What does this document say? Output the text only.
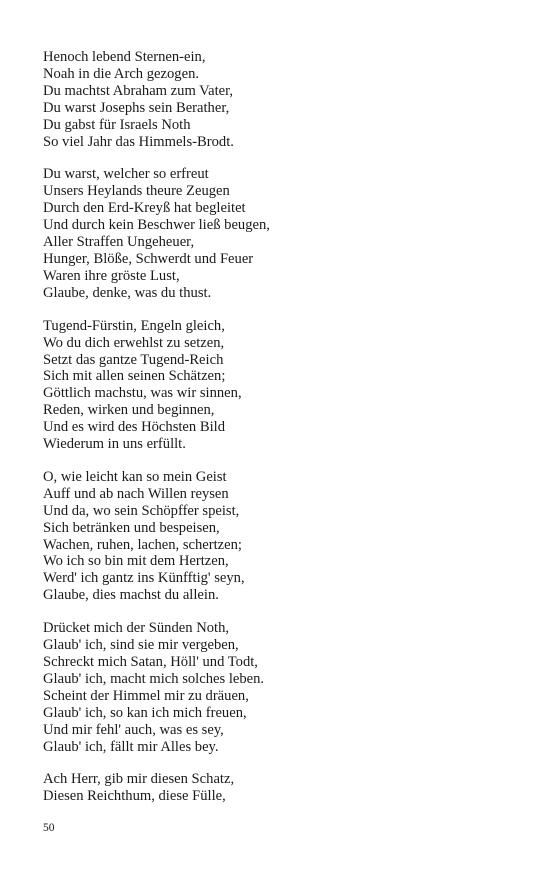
Henoch lebend Sternen-ein,

Noah in die Arch gezogen.

Du machtst Abraham zum Vater,

Du warst Josephs sein Berather,

Du gabst für Israels Noth

So viel Jahr das Himmels-Brodt.

Du warst, welcher so erfreut

Unsers Heylands theure Zeugen

Durch den Erd-Kreyß hat begleitet

Und durch kein Beschwer ließ beugen,

Aller Straffen Ungeheuer,

Hunger, Blöße, Schwerdt und Feuer

Waren ihre gröste Lust,

Glaube, denke, was du thust.

Tugend-Fürstin, Engeln gleich,

Wo du dich erwehlst zu setzen,

Setzt das gantze Tugend-Reich

Sich mit allen seinen Schätzen;

Göttlich machstu, was wir sinnen,

Reden, wirken und beginnen,

Und es wird des Höchsten Bild

Wiederum in uns erfüllt.

O, wie leicht kan so mein Geist

Auff und ab nach Willen reysen

Und da, wo sein Schöpffer speist,

Sich betränken und bespeisen,

Wachen, ruhen, lachen, schertzen;

Wo ich so bin mit dem Hertzen,

Werd' ich gantz ins Künfftig' seyn,

Glaube, dies machst du allein.

Drücket mich der Sünden Noth,

Glaub' ich, sind sie mir vergeben,

Schreckt mich Satan, Höll' und Todt,

Glaub' ich, macht mich solches leben.

Scheint der Himmel mir zu dräuen,

Glaub' ich, so kan ich mich freuen,

Und mir fehl' auch, was es sey,

Glaub' ich, fällt mir Alles bey.

Ach Herr, gib mir diesen Schatz,

Diesen Reichthum, diese Fülle,

50
